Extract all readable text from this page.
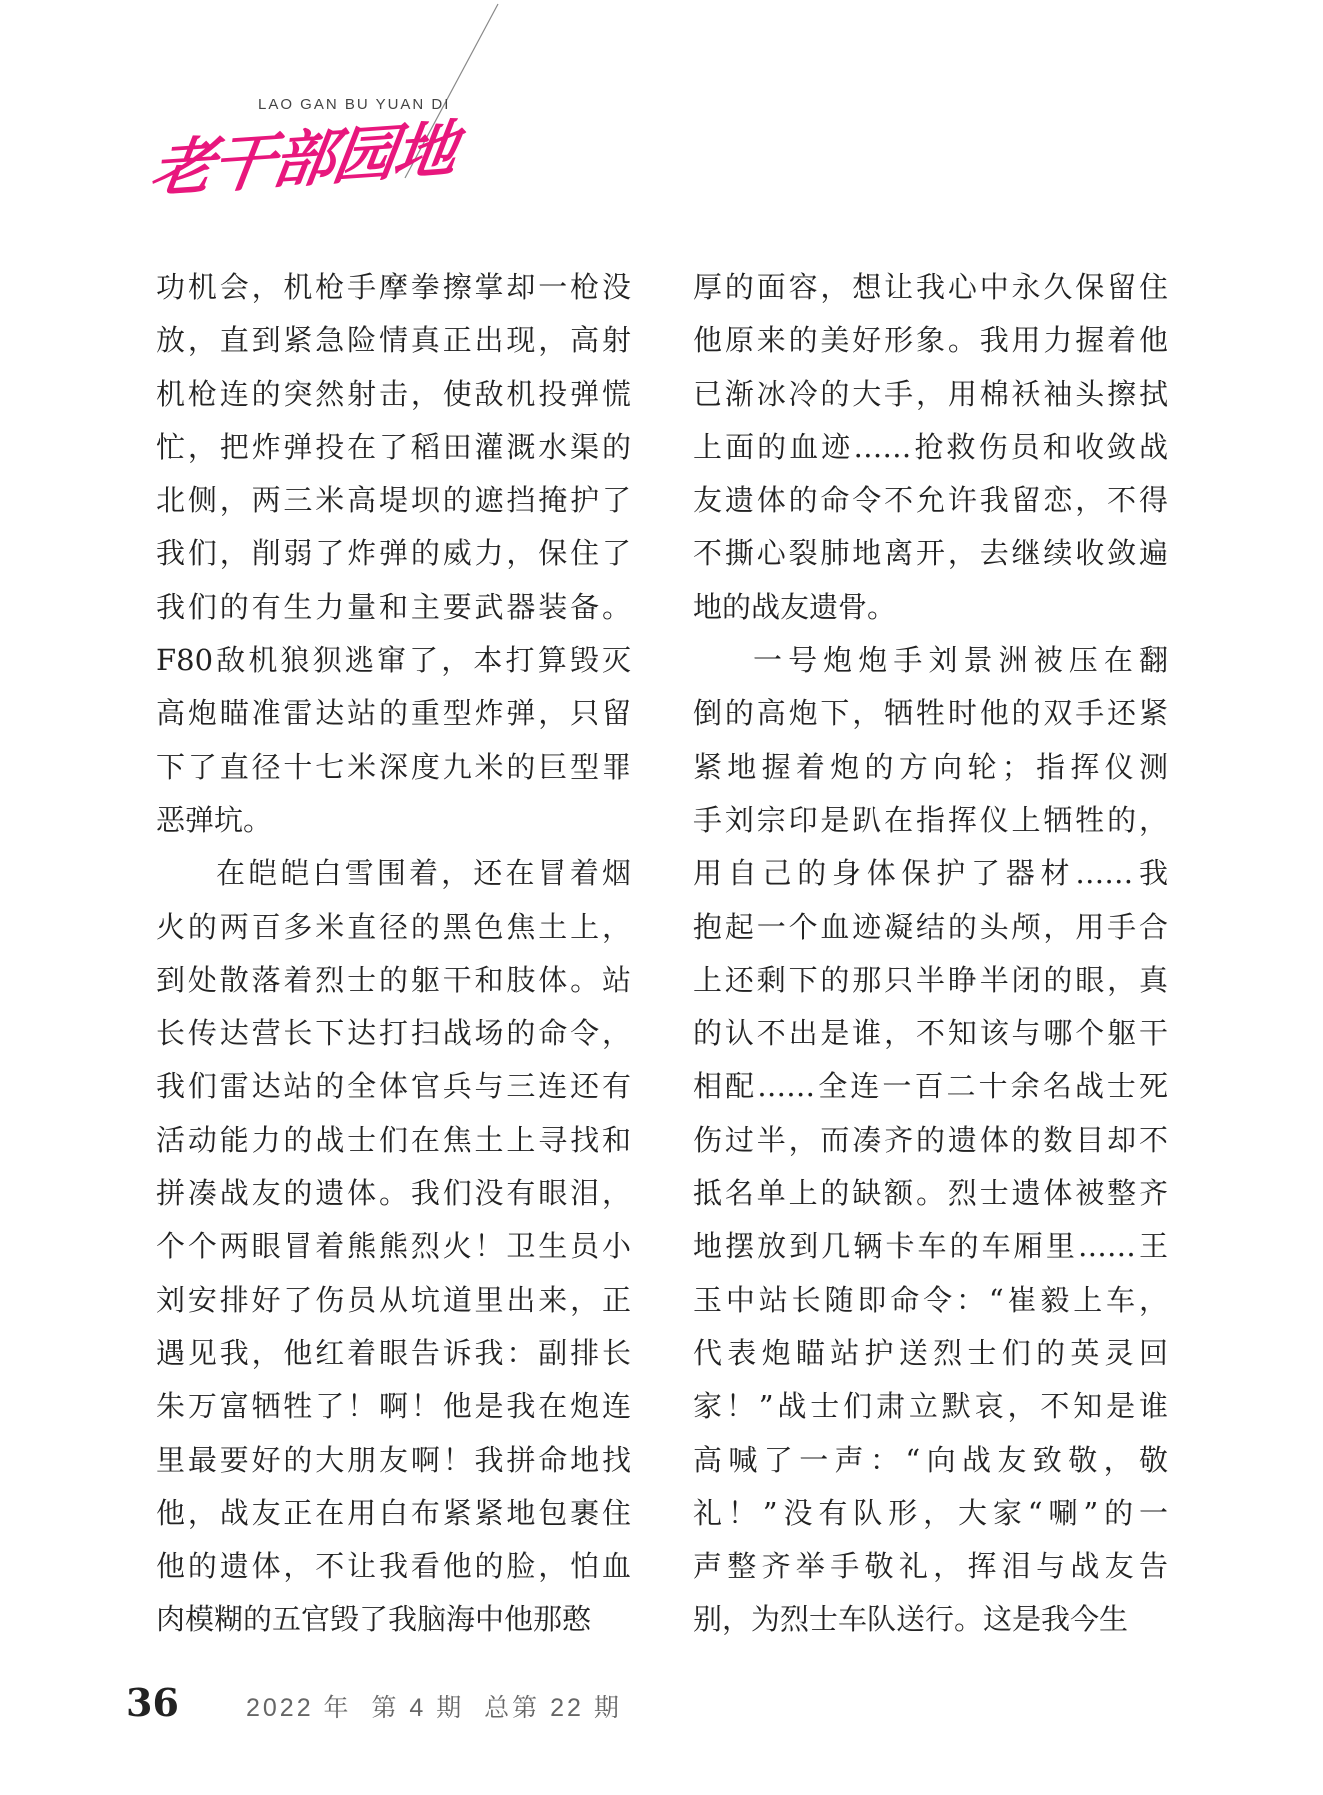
LAO GAN BU YUAN DI
老干部园地
功机会，机枪手摩拳擦掌却一枪没
放，直到紧急险情真正出现，高射
机枪连的突然射击，使敌机投弹慌
忙，把炸弹投在了稻田灌溉水渠的
北侧，两三米高堤坝的遮挡掩护了
我们，削弱了炸弹的威力，保住了
我们的有生力量和主要武器装备。
F80敌机狼狈逃窜了，本打算毁灭
高炮瞄准雷达站的重型炸弹，只留
下了直径十七米深度九米的巨型罪
恶弹坑。
在皑皑白雪围着，还在冒着烟
火的两百多米直径的黑色焦土上，
到处散落着烈士的躯干和肢体。站
长传达营长下达打扫战场的命令，
我们雷达站的全体官兵与三连还有
活动能力的战士们在焦土上寻找和
拼凑战友的遗体。我们没有眼泪，
个个两眼冒着熊熊烈火！卫生员小
刘安排好了伤员从坑道里出来，正
遇见我，他红着眼告诉我：副排长
朱万富牺牲了！啊！他是我在炮连
里最要好的大朋友啊！我拼命地找
他，战友正在用白布紧紧地包裹住
他的遗体，不让我看他的脸，怕血
肉模糊的五官毁了我脑海中他那憨
厚的面容，想让我心中永久保留住
他原来的美好形象。我用力握着他
已渐冰冷的大手，用棉袄袖头擦拭
上面的血迹……抢救伤员和收敛战
友遗体的命令不允许我留恋，不得
不撕心裂肺地离开，去继续收敛遍
地的战友遗骨。
一号炮炮手刘景洲被压在翻
倒的高炮下，牺牲时他的双手还紧
紧地握着炮的方向轮；指挥仪测
手刘宗印是趴在指挥仪上牺牲的，
用自己的身体保护了器材……我
抱起一个血迹凝结的头颅，用手合
上还剩下的那只半睁半闭的眼，真
的认不出是谁，不知该与哪个躯干
相配……全连一百二十余名战士死
伤过半，而凑齐的遗体的数目却不
抵名单上的缺额。烈士遗体被整齐
地摆放到几辆卡车的车厢里……王
玉中站长随即命令：“崔毅上车，
代表炮瞄站护送烈士们的英灵回
家！”战士们肃立默哀，不知是谁
高喊了一声：“向战友致敬，敬
礼！”没有队形，大家“唰”的一
声整齐举手敬礼，挥泪与战友告
别，为烈士车队送行。这是我今生
36	2022 年  第 4 期  总第 22 期
